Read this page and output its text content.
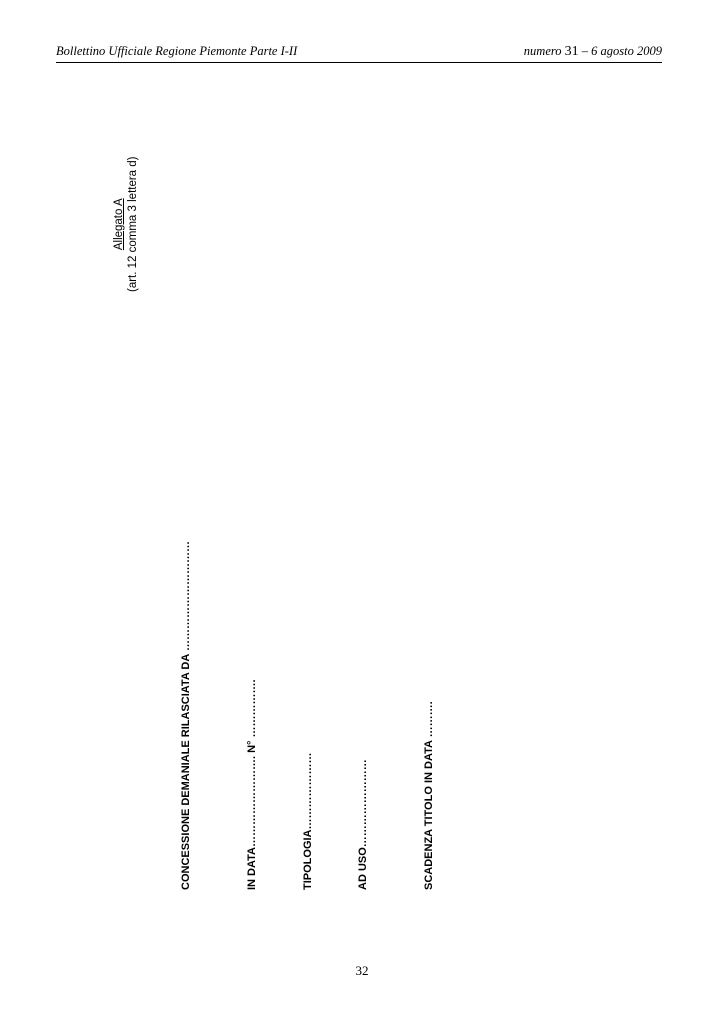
Bollettino Ufficiale Regione Piemonte Parte I-II	numero 31 – 6 agosto 2009
Allegato A (art. 12 comma 3 lettera d)
CONCESSIONE DEMANIALE RILASCIATA DA …………………………	IN DATA……………………. N° …………….	TIPOLOGIA…………………	AD USO……………………	SCADENZA TITOLO IN DATA ……….
32
